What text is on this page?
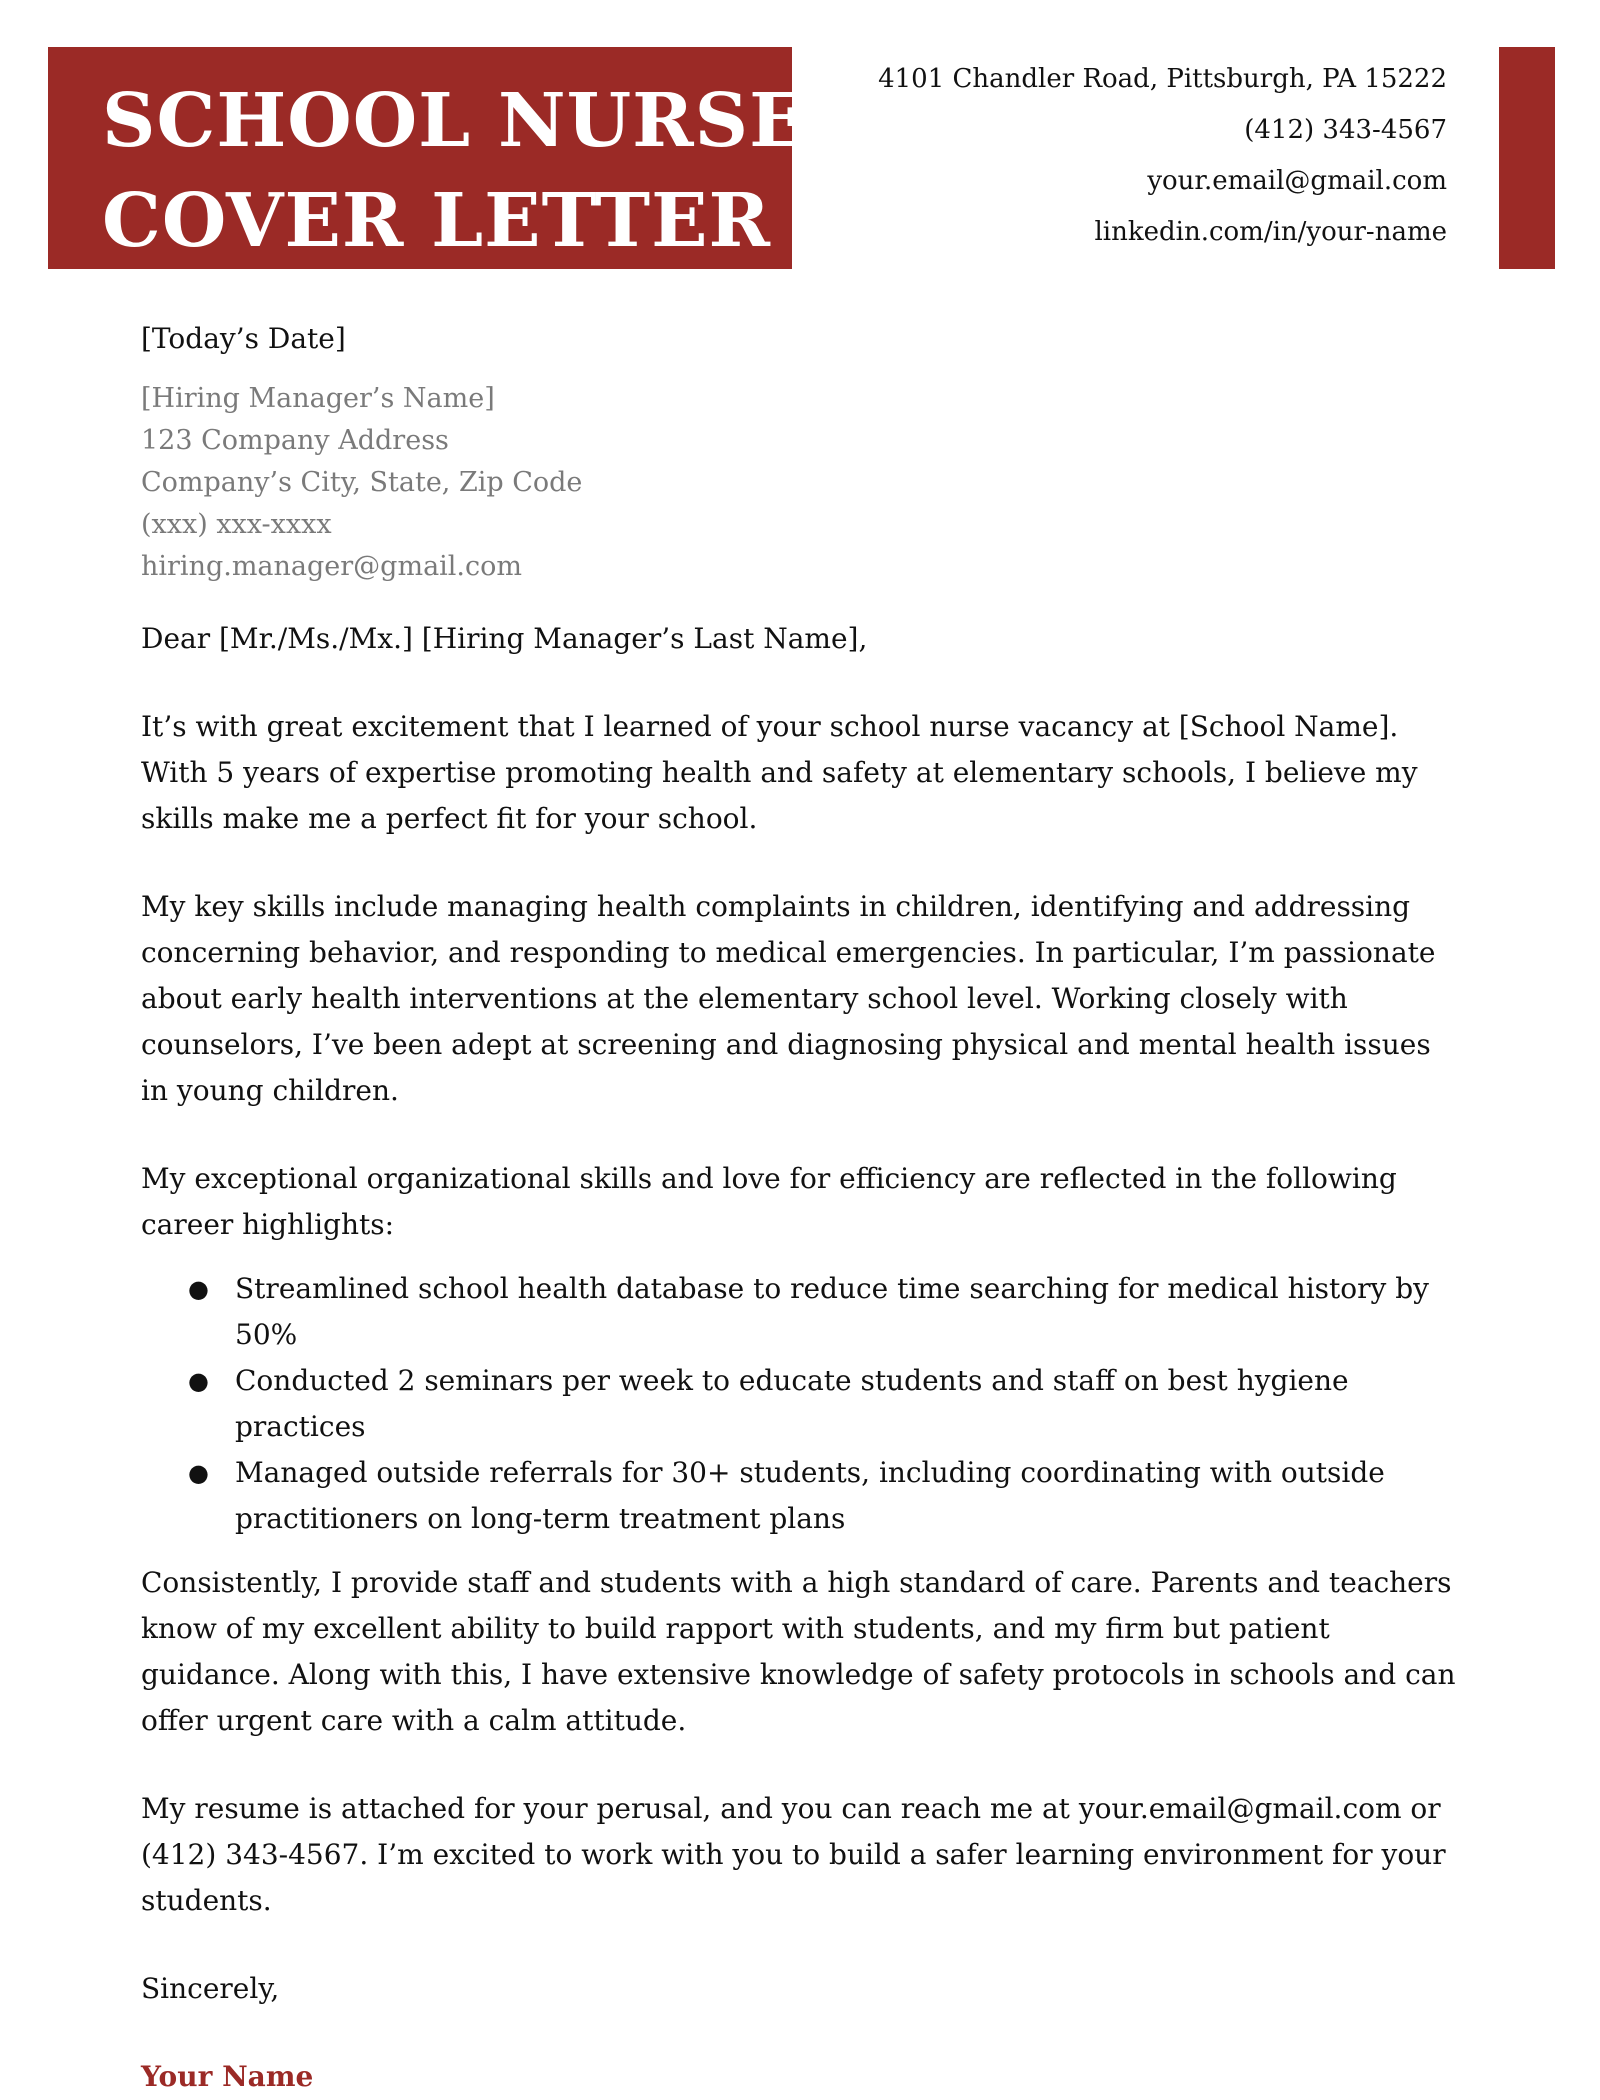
SCHOOL NURSE
COVER LETTER
4101 Chandler Road, Pittsburgh, PA 15222
(412) 343-4567
your.email@gmail.com
linkedin.com/in/your-name
[Today’s Date]
[Hiring Manager’s Name]
123 Company Address
Company’s City, State, Zip Code
(xxx) xxx-xxxx
hiring.manager@gmail.com
Dear [Mr./Ms./Mx.] [Hiring Manager’s Last Name],

It’s with great excitement that I learned of your school nurse vacancy at [School Name]. With 5 years of expertise promoting health and safety at elementary schools, I believe my skills make me a perfect fit for your school.

My key skills include managing health complaints in children, identifying and addressing concerning behavior, and responding to medical emergencies. In particular, I’m passionate about early health interventions at the elementary school level. Working closely with counselors, I’ve been adept at screening and diagnosing physical and mental health issues in young children.

My exceptional organizational skills and love for efficiency are reflected in the following career highlights:

● Streamlined school health database to reduce time searching for medical history by 50%
● Conducted 2 seminars per week to educate students and staff on best hygiene practices
● Managed outside referrals for 30+ students, including coordinating with outside practitioners on long-term treatment plans

Consistently, I provide staff and students with a high standard of care. Parents and teachers know of my excellent ability to build rapport with students, and my firm but patient guidance. Along with this, I have extensive knowledge of safety protocols in schools and can offer urgent care with a calm attitude.

My resume is attached for your perusal, and you can reach me at your.email@gmail.com or (412) 343-4567. I’m excited to work with you to build a safer learning environment for your students.

Sincerely,
Your Name
